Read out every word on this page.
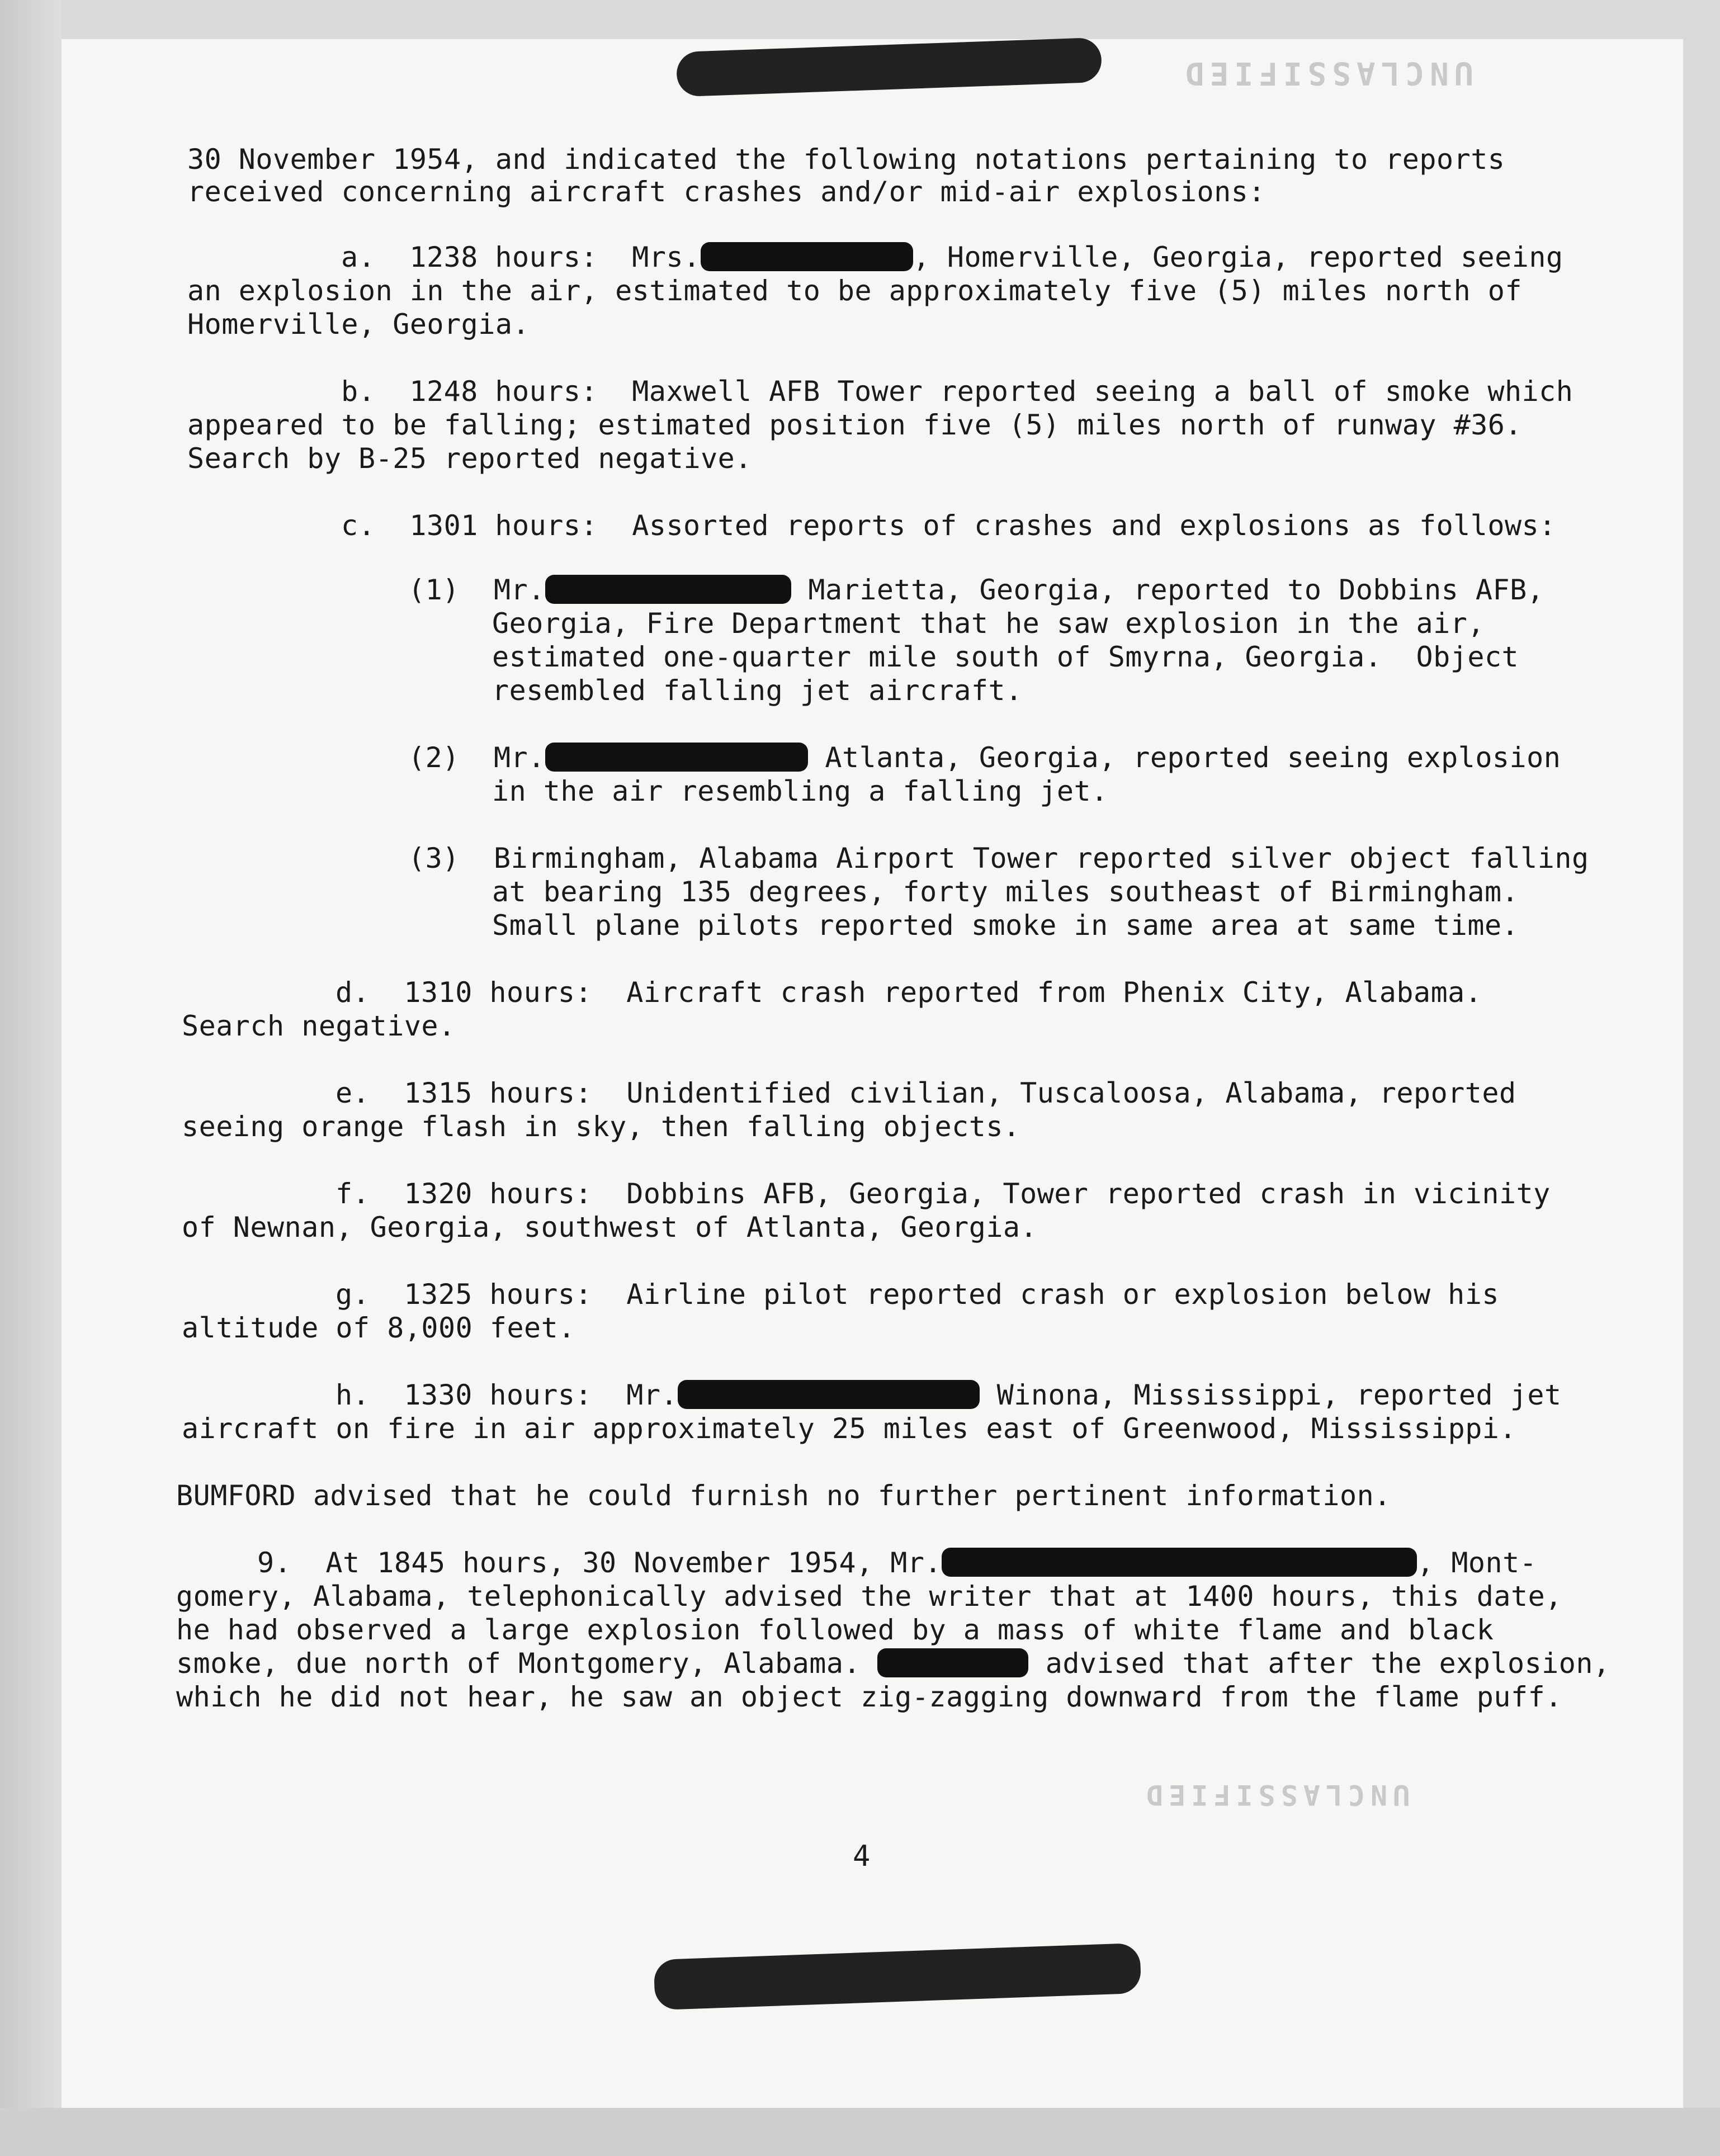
UNCLASSIFIED
30 November 1954, and indicated the following notations pertaining to reports
received concerning aircraft crashes and/or mid-air explosions:
a.  1238 hours:  Mrs.	, Homerville, Georgia, reported seeing
an explosion in the air, estimated to be approximately five (5) miles north of
Homerville, Georgia.
b.  1248 hours:  Maxwell AFB Tower reported seeing a ball of smoke which
appeared to be falling; estimated position five (5) miles north of runway #36.
Search by B-25 reported negative.
c.  1301 hours:  Assorted reports of crashes and explosions as follows:
(1)  Mr.	Marietta, Georgia, reported to Dobbins AFB,
Georgia, Fire Department that he saw explosion in the air,
estimated one-quarter mile south of Smyrna, Georgia.  Object
resembled falling jet aircraft.
(2)  Mr.	Atlanta, Georgia, reported seeing explosion
in the air resembling a falling jet.
(3)  Birmingham, Alabama Airport Tower reported silver object falling
at bearing 135 degrees, forty miles southeast of Birmingham.
Small plane pilots reported smoke in same area at same time.
d.  1310 hours:  Aircraft crash reported from Phenix City, Alabama.
Search negative.
e.  1315 hours:  Unidentified civilian, Tuscaloosa, Alabama, reported
seeing orange flash in sky, then falling objects.
f.  1320 hours:  Dobbins AFB, Georgia, Tower reported crash in vicinity
of Newnan, Georgia, southwest of Atlanta, Georgia.
g.  1325 hours:  Airline pilot reported crash or explosion below his
altitude of 8,000 feet.
h.  1330 hours:  Mr.	Winona, Mississippi, reported jet
aircraft on fire in air approximately 25 miles east of Greenwood, Mississippi.
BUMFORD advised that he could furnish no further pertinent information.
9.  At 1845 hours, 30 November 1954, Mr.	, Mont-
gomery, Alabama, telephonically advised the writer that at 1400 hours, this date,
he had observed a large explosion followed by a mass of white flame and black
smoke, due north of Montgomery, Alabama.	advised that after the explosion,
which he did not hear, he saw an object zig-zagging downward from the flame puff.
UNCLASSIFIED
4
